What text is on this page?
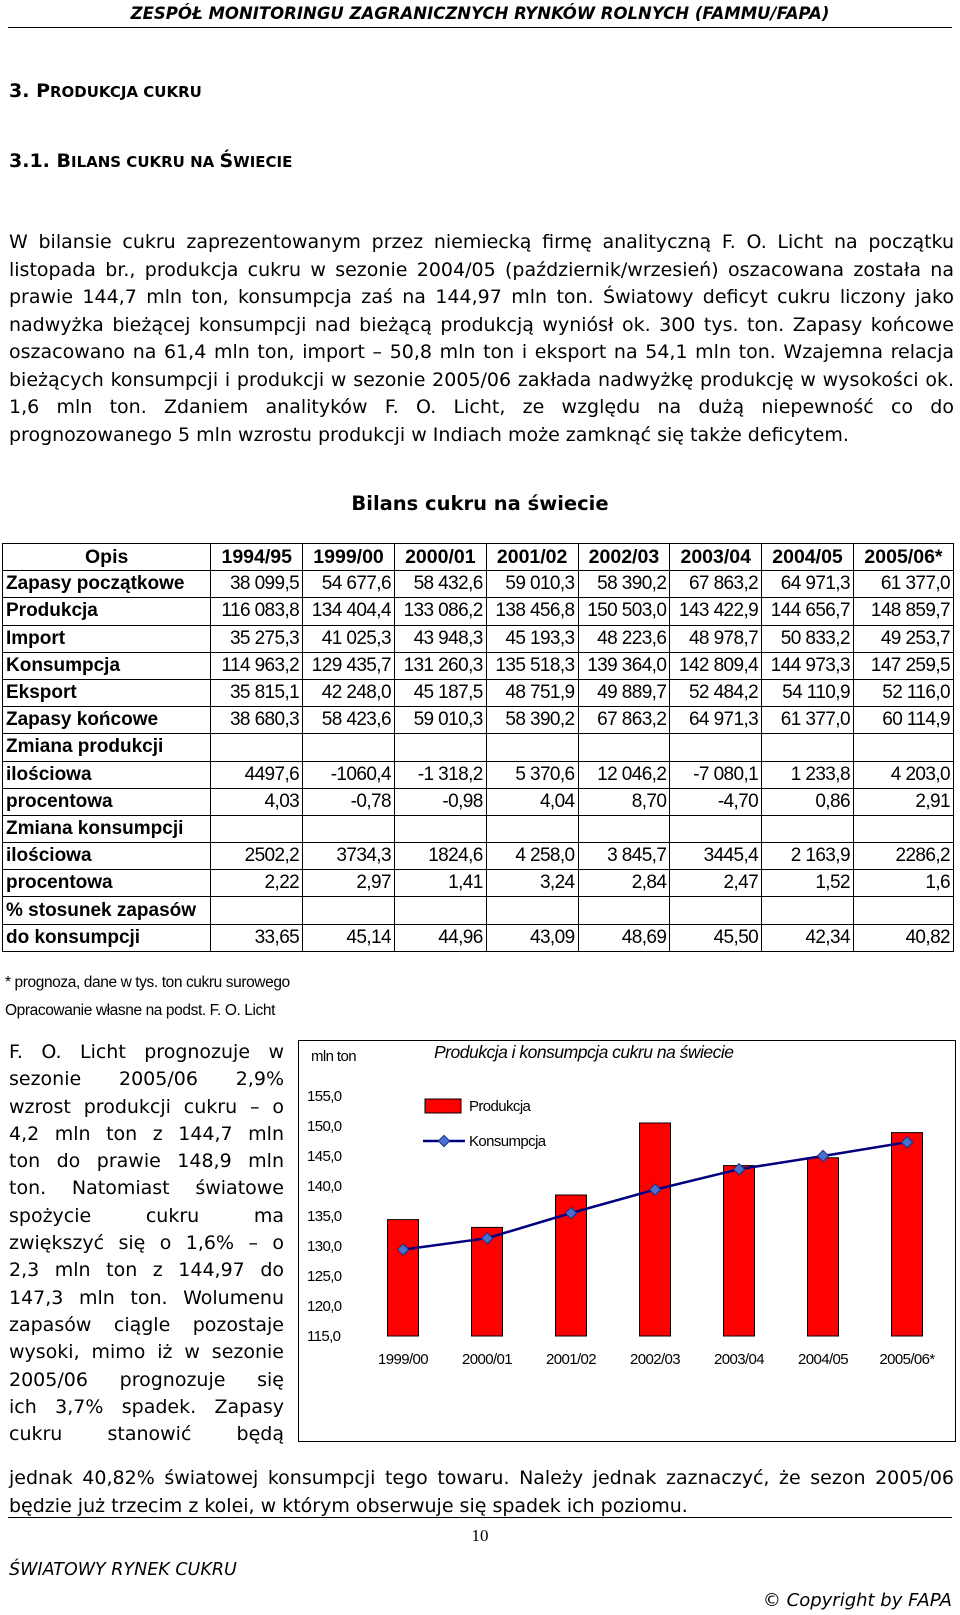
ZESPÓŁ MONITORINGU ZAGRANICZNYCH RYNKÓW ROLNYCH (FAMMU/FAPA)
3. PRODUKCJA CUKRU
3.1. BILANS CUKRU NA ŚWIECIE
W bilansie cukru zaprezentowanym przez niemiecką firmę analityczną F. O. Licht na początku listopada br., produkcja cukru w sezonie 2004/05 (październik/wrzesień) oszacowana została na prawie 144,7 mln ton, konsumpcja zaś na 144,97 mln ton. Światowy deficyt cukru liczony jako nadwyżka bieżącej konsumpcji nad bieżącą produkcją wyniósł ok. 300 tys. ton. Zapasy końcowe oszacowano na 61,4 mln ton, import – 50,8 mln ton i eksport na 54,1 mln ton. Wzajemna relacja bieżących konsumpcji i produkcji w sezonie 2005/06 zakłada nadwyżkę produkcję w wysokości ok. 1,6 mln ton. Zdaniem analityków F. O. Licht, ze względu na dużą niepewność co do prognozowanego 5 mln wzrostu produkcji w Indiach może zamknąć się także deficytem.
Bilans cukru na świecie
Opis	1994/95	1999/00	2000/01	2001/02	2002/03	2003/04	2004/05	2005/06*
Zapasy początkowe	38 099,5	54 677,6	58 432,6	59 010,3	58 390,2	67 863,2	64 971,3	61 377,0
Produkcja	116 083,8	134 404,4	133 086,2	138 456,8	150 503,0	143 422,9	144 656,7	148 859,7
Import	35 275,3	41 025,3	43 948,3	45 193,3	48 223,6	48 978,7	50 833,2	49 253,7
Konsumpcja	114 963,2	129 435,7	131 260,3	135 518,3	139 364,0	142 809,4	144 973,3	147 259,5
Eksport	35 815,1	42 248,0	45 187,5	48 751,9	49 889,7	52 484,2	54 110,9	52 116,0
Zapasy końcowe	38 680,3	58 423,6	59 010,3	58 390,2	67 863,2	64 971,3	61 377,0	60 114,9
Zmiana produkcji								
ilościowa	4497,6	-1060,4	-1 318,2	5 370,6	12 046,2	-7 080,1	1 233,8	4 203,0
procentowa	4,03	-0,78	-0,98	4,04	8,70	-4,70	0,86	2,91
Zmiana konsumpcji								
ilościowa	2502,2	3734,3	1824,6	4 258,0	3 845,7	3445,4	2 163,9	2286,2
procentowa	2,22	2,97	1,41	3,24	2,84	2,47	1,52	1,6
% stosunek zapasów								
do konsumpcji	33,65	45,14	44,96	43,09	48,69	45,50	42,34	40,82
* prognoza, dane w tys. ton cukru surowego
Opracowanie własne na podst. F. O. Licht
F. O. Licht prognozuje w
sezonie 2005/06 2,9%
wzrost produkcji cukru – o
4,2 mln ton z 144,7 mln
ton do prawie 148,9 mln
ton. Natomiast światowe
spożycie cukru ma
zwiększyć się o 1,6% – o
2,3 mln ton z 144,97 do
147,3 mln ton. Wolumenu
zapasów ciągle pozostaje
wysoki, mimo iż w sezonie
2005/06 prognozuje się
ich 3,7% spadek. Zapasy
cukru stanowić będą
mln ton	Produkcja i konsumpcja cukru na świecie
115,0
120,0
125,0
130,0
135,0
140,0
145,0
150,0
155,0
1999/00 2000/01 2001/02 2002/03 2003/04 2004/05 2005/06*
Produkcja
Konsumpcja
jednak 40,82% światowej konsumpcji tego towaru. Należy jednak zaznaczyć, że sezon 2005/06 będzie już trzecim z kolei, w którym obserwuje się spadek ich poziomu.
10
ŚWIATOWY RYNEK CUKRU
© Copyright by FAPA
